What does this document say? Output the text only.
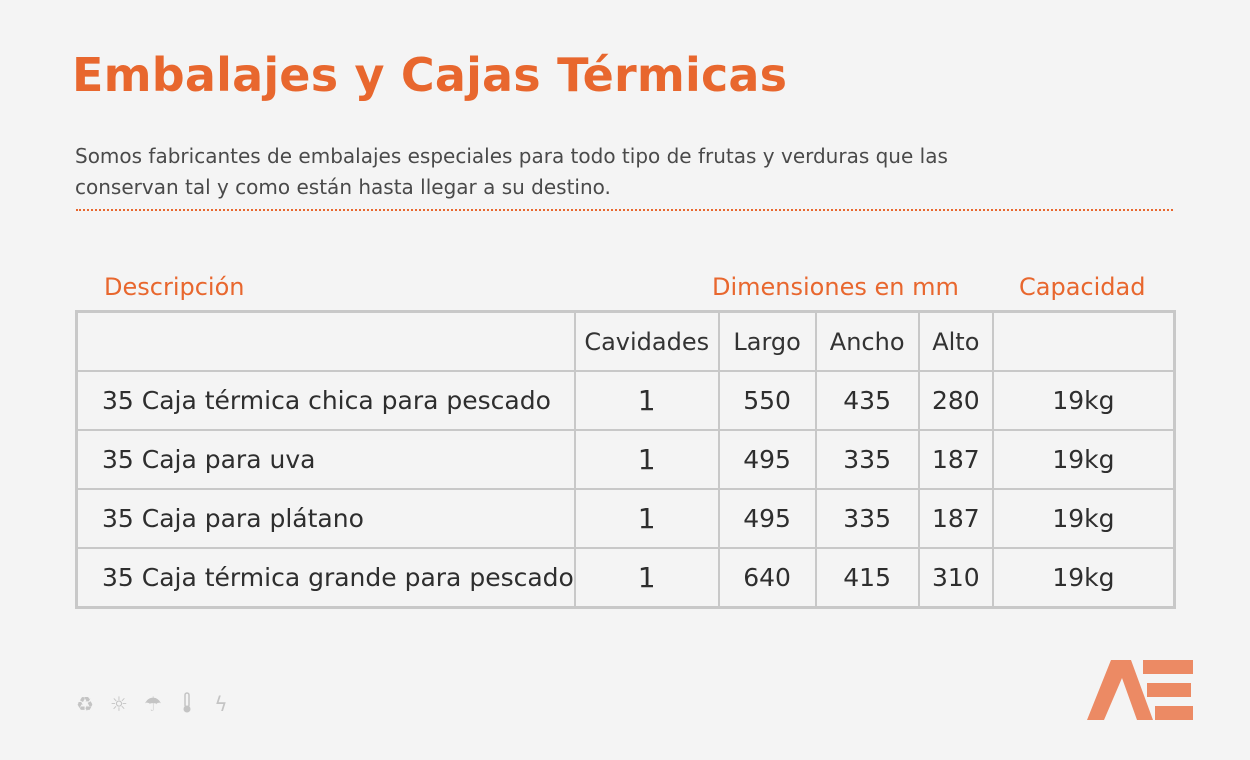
Embalajes y Cajas Térmicas
Somos fabricantes de embalajes especiales para todo tipo de frutas y verduras que las conservan tal y como están hasta llegar a su destino.
Descripción	Dimensiones en mm	Capacidad
	Cavidades	Largo	Ancho	Alto	
35 Caja térmica chica para pescado	1	550	435	280	19kg
35 Caja para uva	1	495	335	187	19kg
35 Caja para plátano	1	495	335	187	19kg
35 Caja térmica grande para pescado	1	640	415	310	19kg
♻ ☼ ☂	ϟ
